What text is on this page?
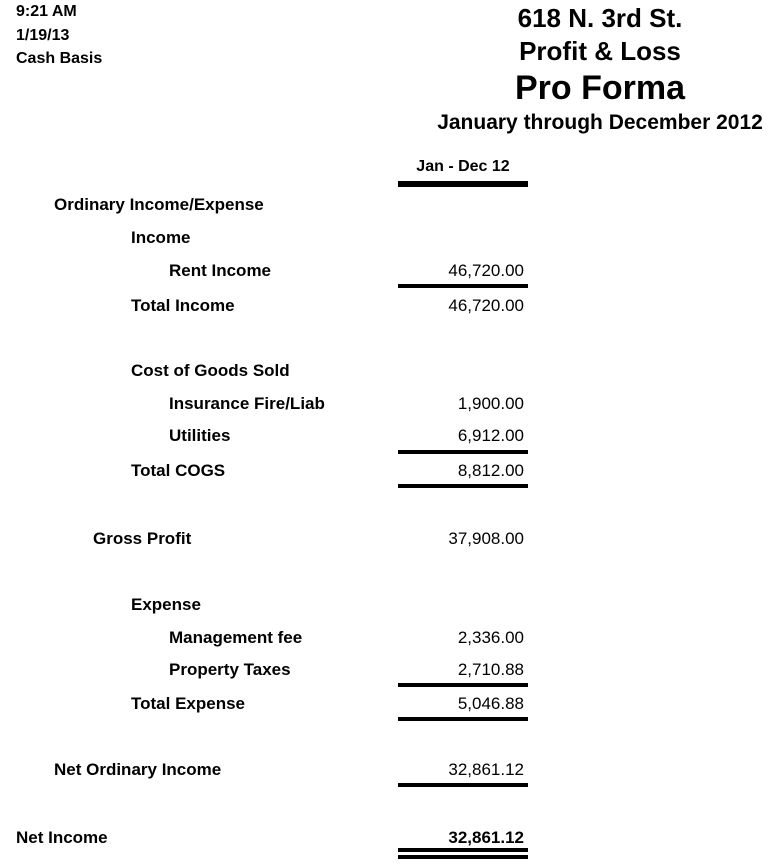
9:21 AM
1/19/13
Cash Basis
618 N. 3rd St.
Profit & Loss
Pro Forma
January through December 2012
Jan - Dec 12
Ordinary Income/Expense
Income
Rent Income	46,720.00
Total Income	46,720.00
Cost of Goods Sold
Insurance Fire/Liab	1,900.00
Utilities	6,912.00
Total COGS	8,812.00
Gross Profit	37,908.00
Expense
Management fee	2,336.00
Property Taxes	2,710.88
Total Expense	5,046.88
Net Ordinary Income	32,861.12
Net Income	32,861.12
